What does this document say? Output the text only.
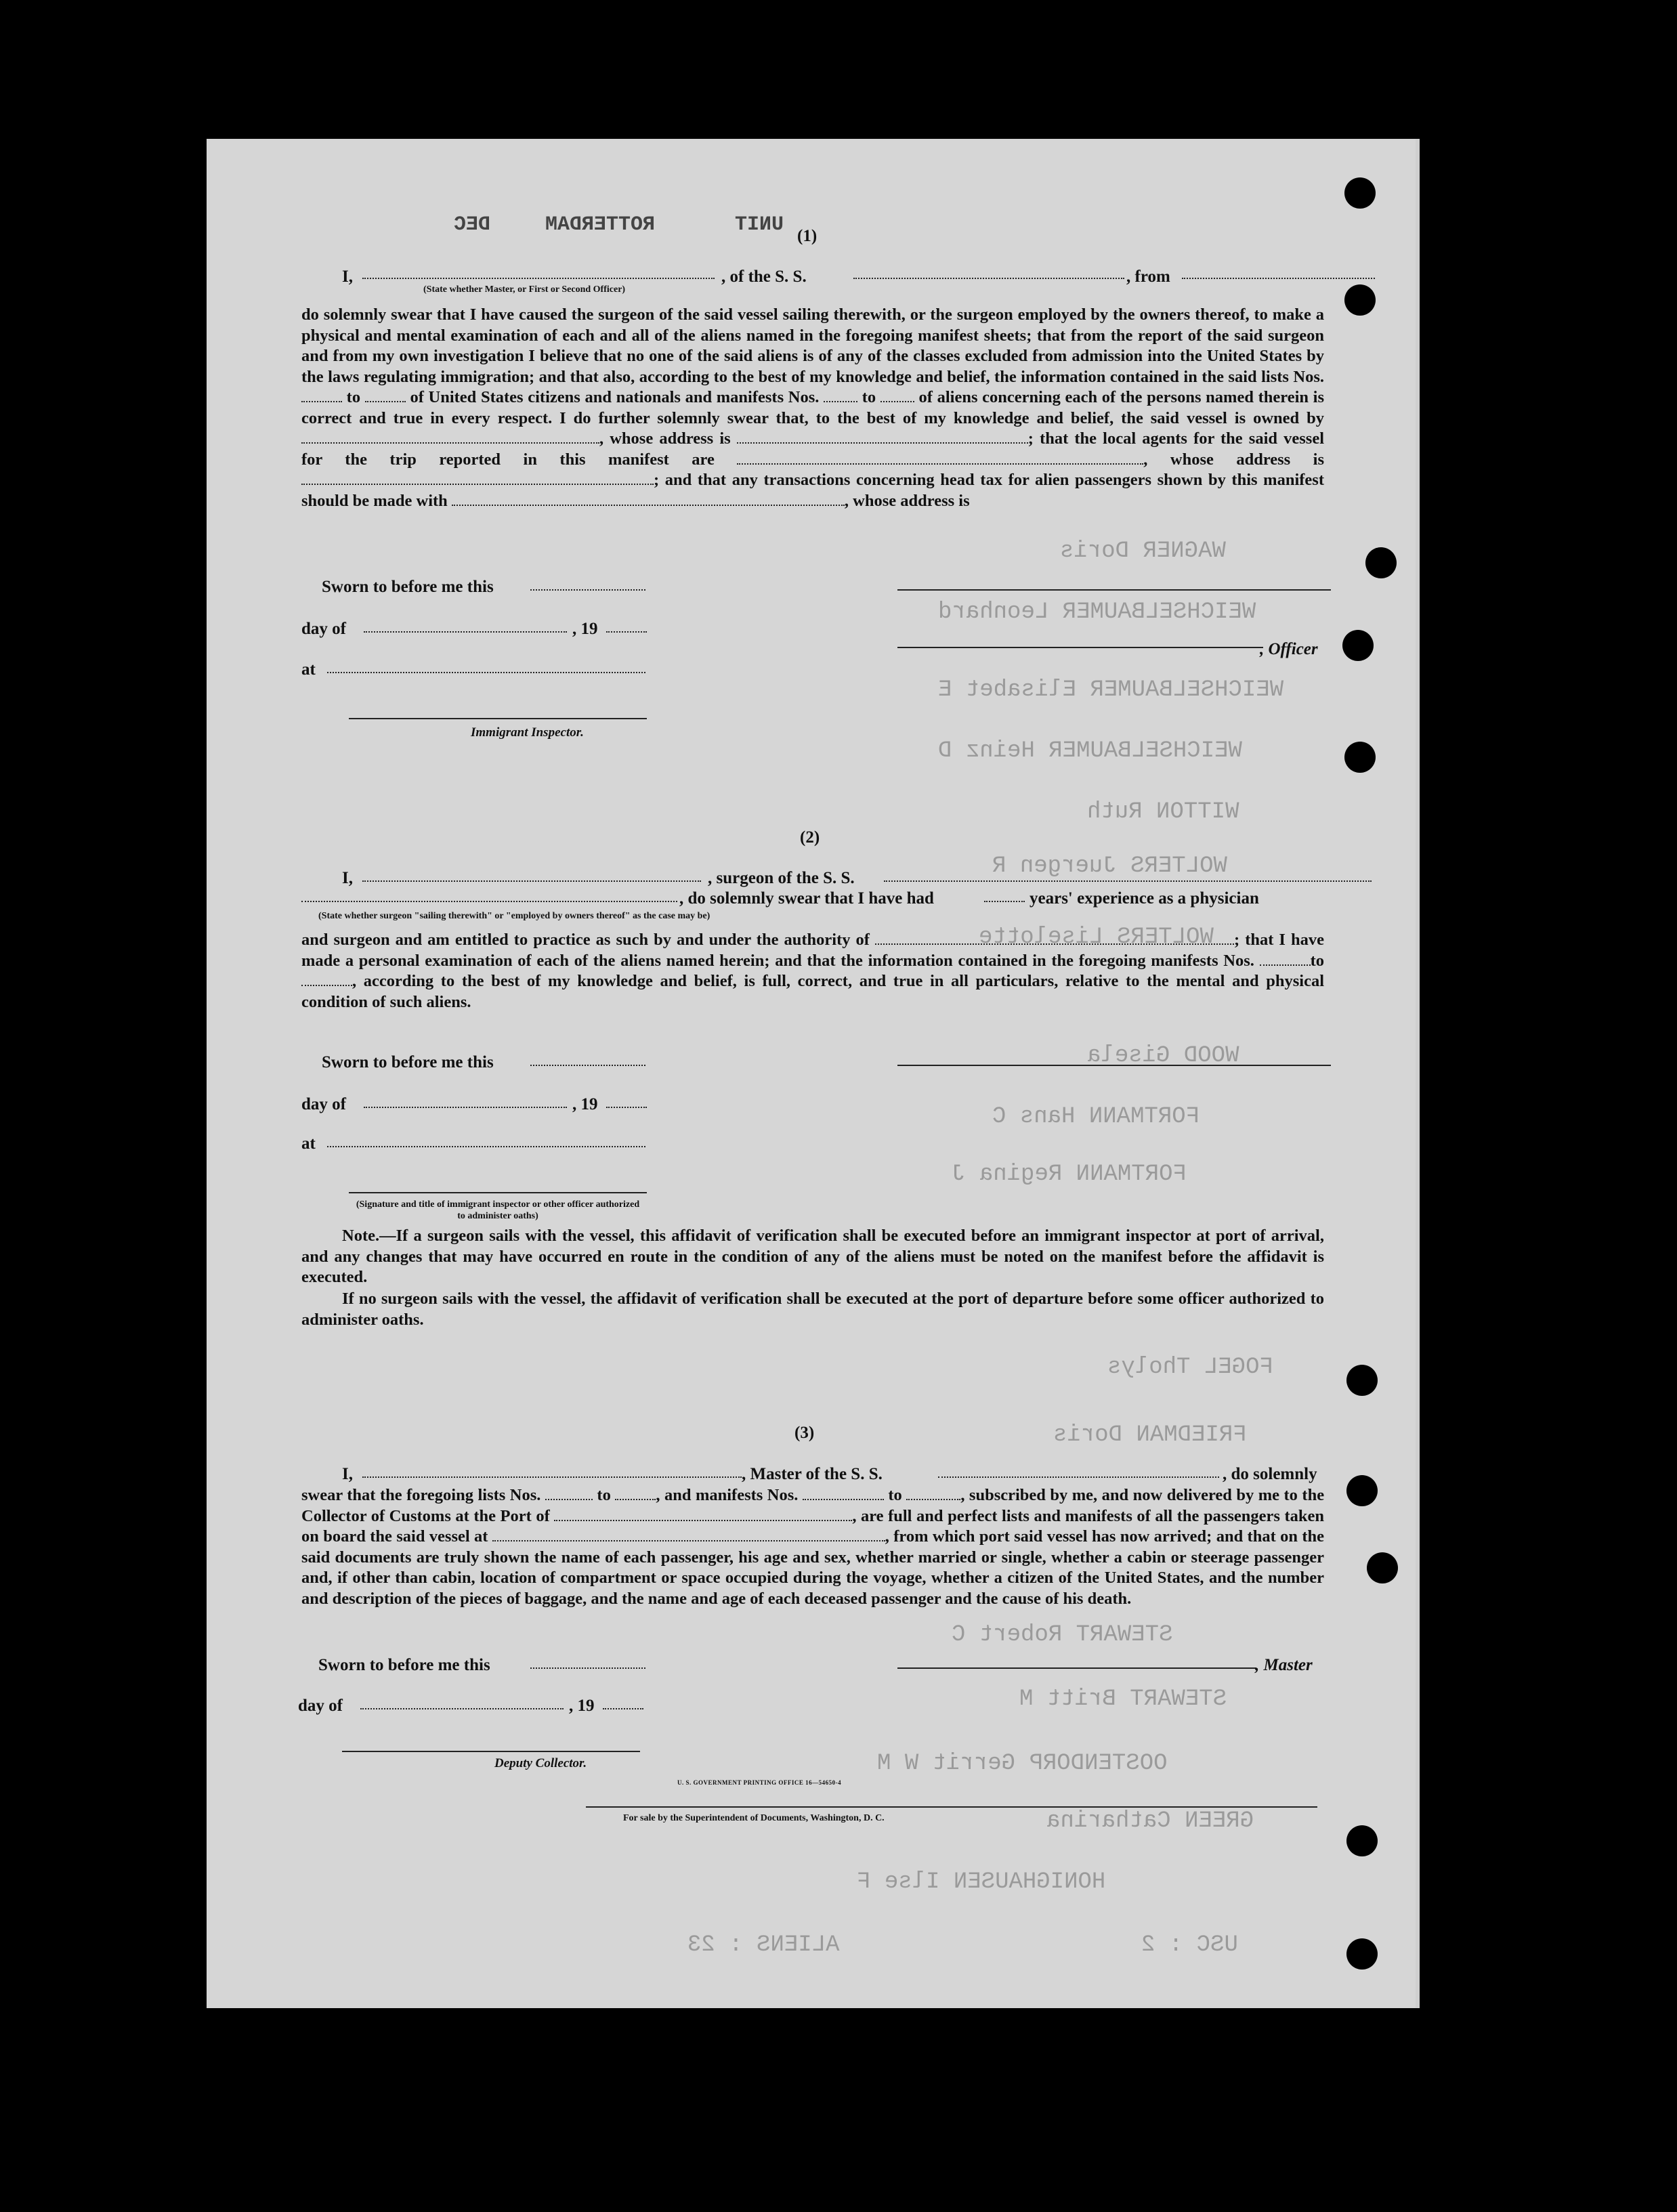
DEC	ROTTERDAM	UNIT (1)
WAGNER Doris
WEICHSELBAUMER Leonhard
WEICHSELBAUMER Elisabet E
WEICHSELBAUMER Heinz D
WITTON Ruth
WOLTERS Juergen R
WOLTERS Liselotte
WOOD Gisela
FORTMANN Hans C
FORTMANN Regina J
FOGEL Tholys
FRIEDMAN Doris
STEWART Robert C
STEWART Britt M
OOSTENDORP Gerrit W M
GREEN Catharina
HONIGHAUSEN Ilse F
ALIENS : 23	USC : 2
I,
(State whether Master, or First or Second Officer)
, of the S. S.	, from
do solemnly swear that I have caused the surgeon of the said vessel sailing therewith, or the surgeon employed by the owners thereof, to make a physical and mental examination of each and all of the aliens named in the foregoing manifest sheets; that from the report of the said surgeon and from my own investigation I believe that no one of the said aliens is of any of the classes excluded from admission into the United States by the laws regulating immigration; and that also, according to the best of my knowledge and belief, the information contained in the said lists Nos.  to	of United States citizens and nationals and manifests Nos.	to	of aliens concerning each of the persons named therein is correct and true in every respect. I do further solemnly swear that, to the best of my knowledge and belief, the said vessel is owned by , whose address is	; that the local agents for the said vessel for the trip reported in this manifest are	, whose address is ; and that any transactions concerning head tax for alien passengers shown by this manifest should be made with	, whose address is
Sworn to before me this
day of	, 19
, Officer
at
Immigrant Inspector.
(2)
I,	, surgeon of the S. S.
, do solemnly swear that I have had	years' experience as a physician
(State whether surgeon "sailing therewith" or "employed by owners thereof" as the case may be)
and surgeon and am entitled to practice as such by and under the authority of	; that I have made a personal examination of each of the aliens named herein; and that the information contained in the foregoing manifests Nos.	to, according to the best of my knowledge and belief, is full, correct, and true in all particulars, relative to the mental and physical condition of such aliens.
Sworn to before me this
day of	, 19
at
(Signature and title of immigrant inspector or other officer authorized to administer oaths)
Note.—If a surgeon sails with the vessel, this affidavit of verification shall be executed before an immigrant inspector at port of arrival, and any changes that may have occurred en route in the condition of any of the aliens must be noted on the manifest before the affidavit is executed.
If no surgeon sails with the vessel, the affidavit of verification shall be executed at the port of departure before some officer authorized to administer oaths.
(3)
I,	, Master of the S. S.	, do solemnly
swear that the foregoing lists Nos.	to	, and manifests Nos.	to	, subscribed by me, and now delivered by me to the Collector of Customs at the Port of	, are full and perfect lists and manifests of all the passengers taken on board the said vessel at	, from which port said vessel has now arrived; and that on the said documents are truly shown the name of each passenger, his age and sex, whether married or single, whether a cabin or steerage passenger and, if other than cabin, location of compartment or space occupied during the voyage, whether a citizen of the United States, and the number and description of the pieces of baggage, and the name and age of each deceased passenger and the cause of his death.
Sworn to before me this	, Master
day of	, 19
Deputy Collector.
U. S. GOVERNMENT PRINTING OFFICE 16—54650-4
For sale by the Superintendent of Documents, Washington, D. C.
